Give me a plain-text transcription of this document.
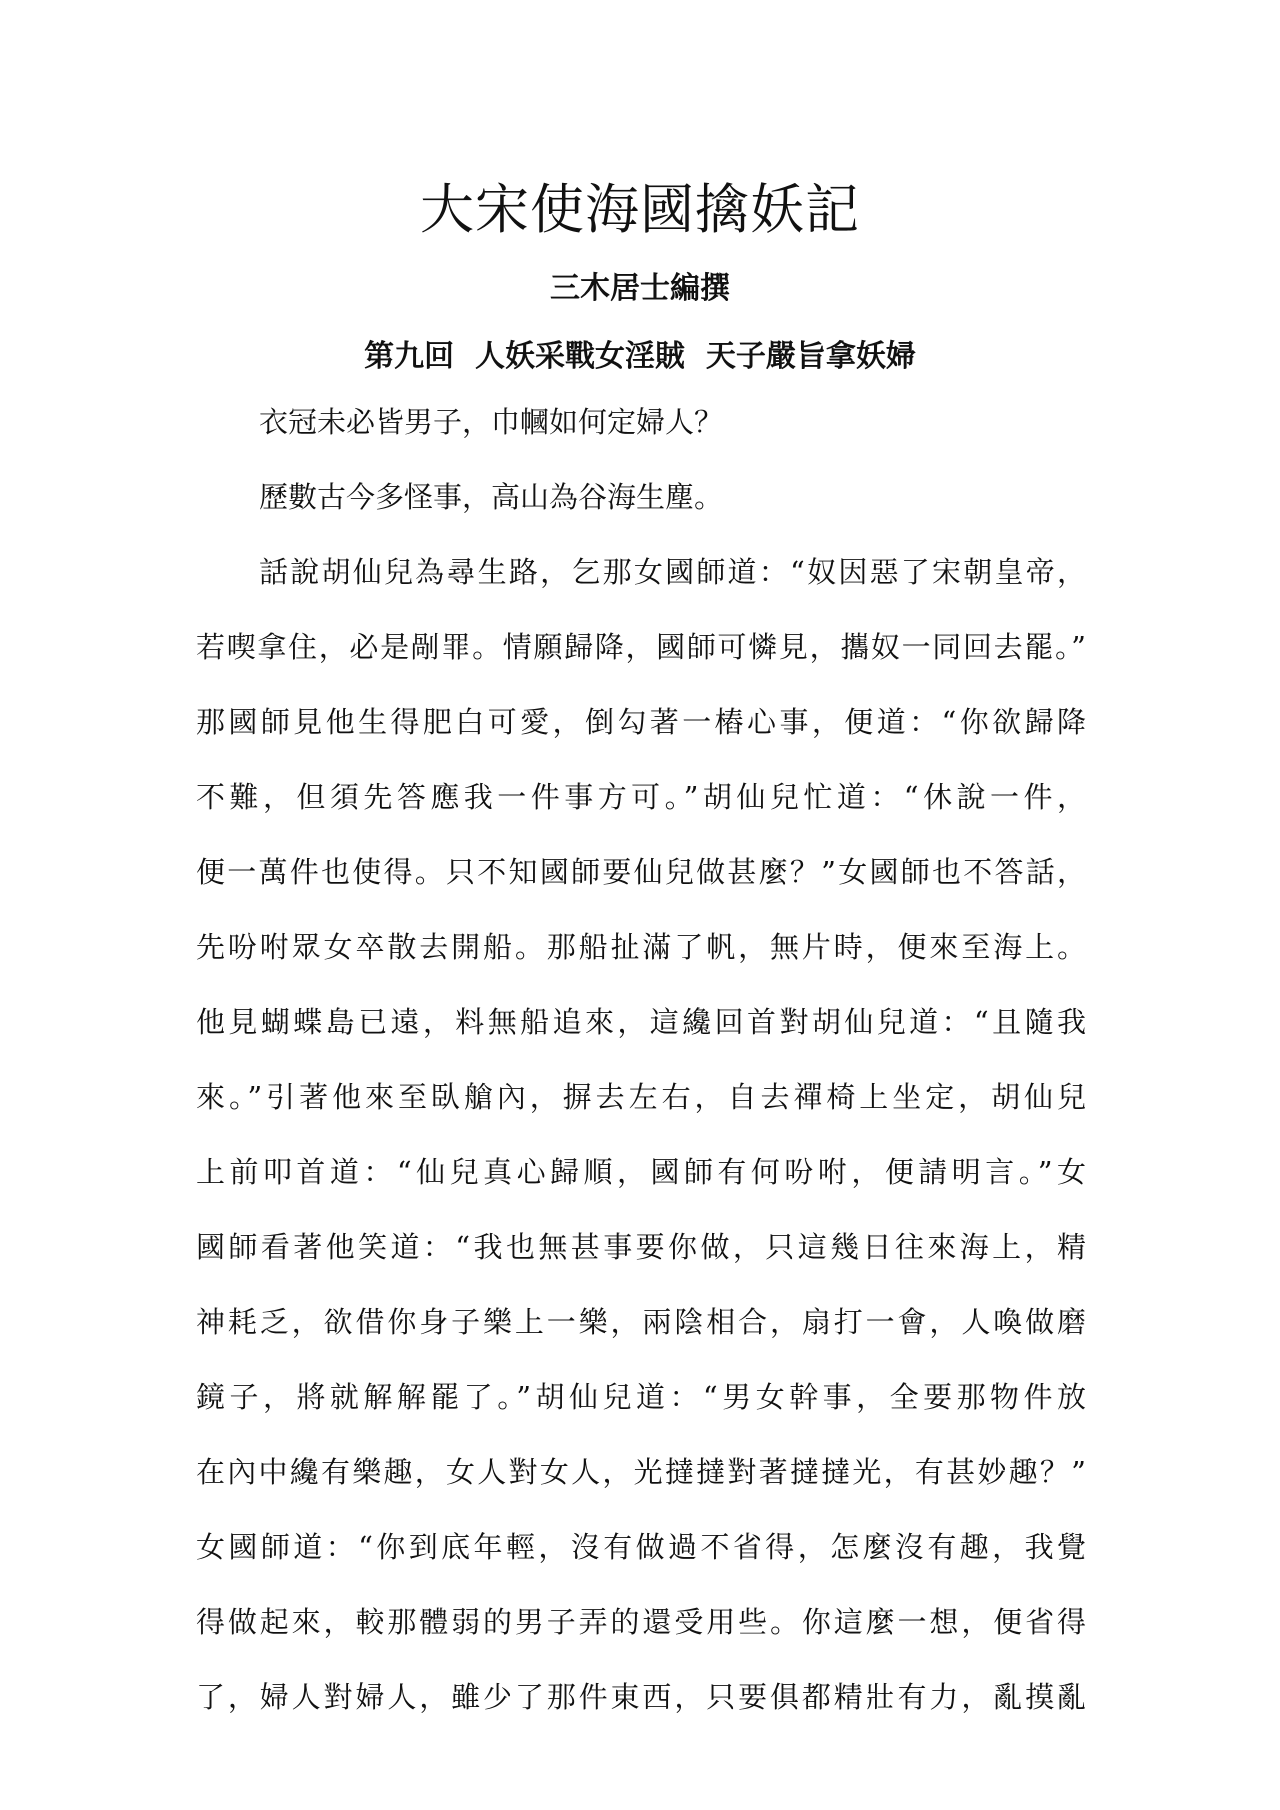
大宋使海國擒妖記
三木居士編撰
第九回  人妖采戰女淫賊  天子嚴旨拿妖婦
衣冠未必皆男子，巾幗如何定婦人？
歷數古今多怪事，高山為谷海生塵。
話說胡仙兒為尋生路，乞那女國師道：“奴因惡了宋朝皇帝，
若喫拿住，必是剮罪。情願歸降，國師可憐見，攜奴一同回去罷。”
那國師見他生得肥白可愛，倒勾著一樁心事，便道：“你欲歸降
不難，但須先答應我一件事方可。”胡仙兒忙道：“休說一件，
便一萬件也使得。只不知國師要仙兒做甚麼？”女國師也不答話，
先吩咐眾女卒散去開船。那船扯滿了帆，無片時，便來至海上。
他見蝴蝶島已遠，料無船追來，這纔回首對胡仙兒道：“且隨我
來。”引著他來至臥艙內，摒去左右，自去禪椅上坐定，胡仙兒
上前叩首道：“仙兒真心歸順，國師有何吩咐，便請明言。”女
國師看著他笑道：“我也無甚事要你做，只這幾日往來海上，精
神耗乏，欲借你身子樂上一樂，兩陰相合，扇打一會，人喚做磨
鏡子，將就解解罷了。”胡仙兒道：“男女幹事，全要那物件放
在內中纔有樂趣，女人對女人，光撻撻對著撻撻光，有甚妙趣？”
女國師道：“你到底年輕，沒有做過不省得，怎麼沒有趣，我覺
得做起來，較那體弱的男子弄的還受用些。你這麼一想，便省得
了，婦人對婦人，雖少了那件東西，只要俱都精壯有力，亂摸亂
